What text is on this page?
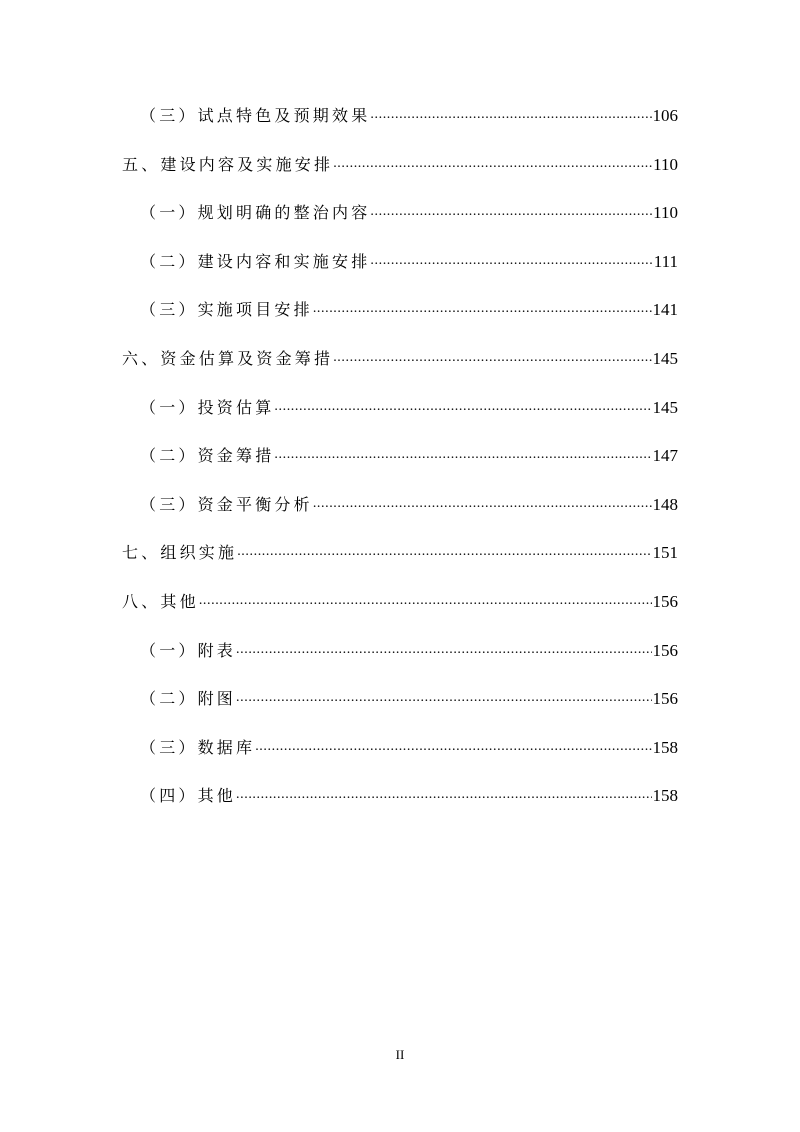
（三）试点特色及预期效果 .....	106
五、建设内容及实施安排 .....	110
（一）规划明确的整治内容 .....	110
（二）建设内容和实施安排 .....	111
（三）实施项目安排 .....	141
六、资金估算及资金筹措 .....	145
（一）投资估算 .....	145
（二）资金筹措 .....	147
（三）资金平衡分析 .....	148
七、组织实施 .....	151
八、其他 .....	156
（一）附表 .....	156
（二）附图 .....	156
（三）数据库 .....	158
（四）其他 .....	158
II
